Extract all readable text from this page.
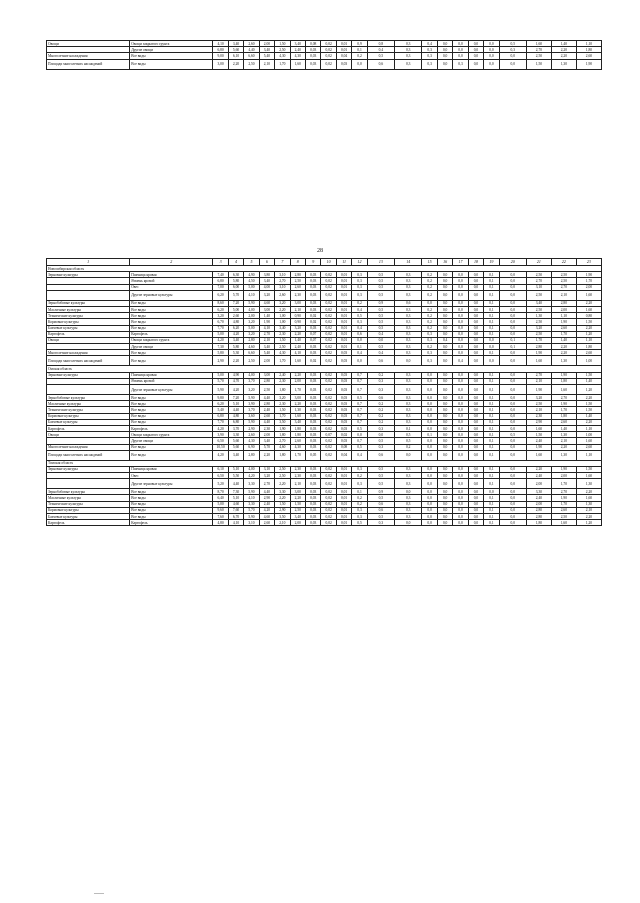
Овощи	Овощи закрытого грунта	4,10	3,40	2,60	2,00	1,50	3,40	0,08	0,02	0,01	0,9	0,8	0,3	0,4	0,0	0,0	0,0	0,0	0,5	1,60	1,40	1,10
	Другие овощи	6,80	5,60	4,40	3,40	2,50	2,40	0,03	0,02	0,01	0,1	0,4	0,3	0,3	0,0	0,0	0,0	0,0	0,3	2,70	2,20	1,80
Многолетние насаждения	Все виды	9,00	6,10	6,60	5,40	4,30	4,30	0,03	0,02	0,04	0,2	0,5	0,3	0,3	0,0	0,0	0,0	0,0	0,0	2,50	2,20	2,60
Площади многолетних насаждений	Все виды	3,00	2,20	2,50	2,10	1,70	1,60	0,03	0,02	0,03	0,0	0,6	0,3	0,3	0,0	0,3	0,0	0,0	0,0	1,50	1,30	1,90
28
1	2	3	4	5	6	7	8	9	10	11	12	13	14	15	16	17	18	19	20	21	22	23
Новосибирская область																						
Зерновые культуры	Пшеница яровая	7,40	6,30	4,90	3,80	3,10	2,80	0,03	0,02	0,01	0,3	0,5	0,3	0,2	0,0	0,0	0,0	0,1	0,0	2,50	2,50	1,90
	Ячмень яровой	6,80	5,80	4,50	3,40	2,70	2,50	0,03	0,02	0,01	0,3	0,5	0,3	0,2	0,0	0,0	0,0	0,1	0,0	2,70	2,50	1,70
	Овес	7,00	6,00	5,00	4,00	3,10	2,60	0,03	0,02	0,01	0,3	0,5	0,3	0,2	0,0	0,0	0,0	0,1	0,0	3,10	2,70	2,00
	Другие зерновые культуры	6,20	5,70	4,10	3,20	2,60	2,30	0,03	0,02	0,01	0,3	0,5	0,3	0,2	0,0	0,0	0,0	0,1	0,0	2,50	2,10	1,60
Зернобобовые культуры	Все виды	8,60	7,20	5,90	4,60	3,20	3,00	0,03	0,02	0,01	0,2	0,9	0,6	0,0	0,0	0,0	0,0	0,1	0,0	3,40	2,80	2,20
Масличные культуры	Все виды	6,20	5,00	4,00	3,00	2,20	2,10	0,03	0,02	0,01	0,4	0,5	0,3	0,2	0,0	0,0	0,0	0,1	0,0	2,50	2,00	1,60
Технические культуры	Все виды	3,20	2,60	2,00	1,40	1,00	0,90	0,02	0,02	0,01	0,5	0,5	0,3	0,2	0,0	0,0	0,0	0,1	0,0	1,30	1,10	0,80
Кормовые культуры	Все виды	6,70	4,80	3,20	1,90	1,00	0,90	0,02	0,02	0,01	0,3	0,5	0,3	0,2	0,0	0,0	0,0	0,1	0,0	2,50	1,90	1,50
Бахчевые культуры	Все виды	7,70	6,20	5,00	4,10	3,40	3,20	0,03	0,02	0,01	0,4	0,5	0,3	0,2	0,0	0,0	0,0	0,1	0,0	3,20	2,60	2,20
Картофель	Картофель	5,00	4,20	3,20	2,70	2,30	2,20	0,07	0,02	0,01	0,6	0,4	0,3	0,3	0,0	0,0	0,0	0,1	0,0	2,50	1,70	1,20
Овощи	Овощи закрытого грунта	4,20	3,40	2,80	2,10	1,50	1,40	0,07	0,02	0,01	0,0	0,0	0,3	0,3	0,4	0,0	0,0	0,0	0,1	1,70	1,40	1,10
	Другие овощи	7,30	5,80	4,60	3,40	2,50	2,40	0,03	0,02	0,01	0,1	0,5	0,3	0,2	0,0	0,0	0,0	0,0	0,1	2,80	2,20	1,80
Многолетние насаждения	Все виды	5,80	5,30	6,60	5,40	4,30	4,10	0,03	0,02	0,03	0,4	0,4	0,3	0,3	0,0	0,0	0,0	0,1	0,0	1,90	2,20	2,60
Площади многолетних насаждений	Все виды	2,90	2,20	2,50	2,00	1,70	1,60	0,02	0,02	0,03	0,0	0,6	0,0	0,3	0,0	0,4	0,0	0,0	0,0	1,60	1,30	1,00
Омская область																						
Зерновые культуры	Пшеница яровая	5,00	4,90	4,00	3,00	2,40	2,20	0,03	0,02	0,03	0,7	0,2	0,3	0,0	0,0	0,0	0,0	0,1	0,0	2,70	1,90	1,50
	Ячмень яровой	5,70	4,70	3,70	2,80	2,30	2,00	0,03	0,02	0,03	0,7	0,3	0,3	0,0	0,0	0,0	0,0	0,1	0,0	2,10	1,80	1,40
	Другие зерновые культуры	5,90	4,20	3,20	2,50	1,80	1,70	0,03	0,02	0,03	0,7	0,3	0,3	0,0	0,0	0,0	0,0	0,1	0,0	1,90	1,60	1,20
Зернобобовые культуры	Все виды	9,80	7,20	5,90	4,40	3,20	3,00	0,03	0,02	0,03	0,5	0,6	0,3	0,0	0,0	0,0	0,0	0,1	0,0	3,20	2,70	2,20
Масличные культуры	Все виды	6,20	5,10	3,90	2,80	2,30	2,20	0,03	0,02	0,03	0,7	0,2	0,3	0,0	0,0	0,0	0,0	0,1	0,0	2,50	1,90	1,50
Технические культуры	Все виды	5,40	4,40	3,70	2,40	1,50	1,30	0,03	0,02	0,03	0,7	0,2	0,3	0,0	0,0	0,0	0,0	0,1	0,0	2,10	1,70	1,50
Кормовые культуры	Все виды	6,80	4,80	3,60	2,60	1,70	1,60	0,03	0,02	0,03	0,7	0,2	0,3	0,0	0,0	0,0	0,0	0,1	0,0	2,30	1,80	1,40
Бахчевые культуры	Все виды	7,70	6,80	5,90	4,40	3,50	3,40	0,03	0,02	0,03	0,7	0,2	0,3	0,0	0,0	0,0	0,0	0,1	0,0	2,90	2,60	2,20
Картофель	Картофель	4,20	3,70	2,90	2,30	1,90	1,80	0,03	0,02	0,03	0,5	0,3	0,1	0,0	0,0	0,0	0,0	0,1	0,0	1,60	1,40	1,10
Овощи	Овощи закрытого грунта	3,90	3,30	2,60	2,00	1,80	1,80	0,03	0,07	0,02	0,0	0,0	0,5	0,1	0,0	0,0	0,0	0,1	0,5	1,50	1,30	1,00
	Другие овощи	6,50	5,60	4,30	3,40	2,70	2,60	0,03	0,02	0,03	0,7	0,5	0,5	0,0	0,0	0,0	0,0	0,1	0,0	2,40	2,10	1,60
Многолетние насаждения	Все виды	10,50	5,60	6,90	5,70	4,60	4,30	0,03	0,02	0,08	0,5	0,3	0,2	0,0	0,0	0,0	0,0	0,1	0,0	1,90	2,20	2,60
Площади многолетних насаждений	Все виды	4,20	3,40	2,80	2,20	1,80	1,70	0,05	0,02	0,04	0,4	0,6	0,0	0,0	0,0	0,0	0,0	0,1	0,0	1,60	1,30	1,10
Томская область																						
Зерновые культуры	Пшеница яровая	6,10	5,10	4,00	3,10	2,50	2,30	0,03	0,02	0,01	0,3	0,5	0,3	0,0	0,0	0,0	0,0	0,1	0,0	2,20	1,90	1,50
	Овес	6,50	5,50	4,20	3,20	2,50	2,30	0,03	0,02	0,01	0,2	0,5	0,3	0,0	0,0	0,0	0,0	0,1	0,0	2,40	2,00	1,60
	Другие зерновые культуры	5,20	4,40	3,30	2,70	2,20	2,10	0,03	0,02	0,01	0,3	0,5	0,3	0,0	0,0	0,0	0,0	0,1	0,0	2,00	1,70	1,30
Зернобобовые культуры	Все виды	8,70	7,30	5,90	4,40	3,30	3,00	0,03	0,02	0,01	0,1	0,9	0,0	0,0	0,0	0,0	0,0	0,0	0,0	3,30	2,70	2,20
Масличные культуры	Все виды	6,40	5,10	4,10	2,90	2,20	2,20	0,03	0,02	0,01	0,2	0,5	0,3	0,0	0,0	0,0	0,0	0,1	0,0	2,40	1,90	1,60
Технические культуры	Все виды	5,00	4,60	3,30	2,40	1,50	1,50	0,03	0,02	0,01	0,2	0,6	0,3	0,0	0,0	0,0	0,0	0,1	0,0	2,00	1,70	1,30
Кормовые культуры	Все виды	9,60	7,60	5,70	4,20	2,90	2,50	0,03	0,02	0,01	0,3	0,6	0,3	0,0	0,0	0,0	0,0	0,1	0,0	2,80	2,60	2,10
Бахчевые культуры	Все виды	7,60	6,70	5,90	4,60	3,50	3,40	0,03	0,02	0,01	0,3	0,5	0,3	0,0	0,0	0,0	0,0	0,1	0,0	2,80	2,50	2,20
Картофель	Картофель	4,80	4,10	3,10	2,60	2,10	2,00	0,03	0,02	0,01	0,5	0,3	0,0	0,0	0,0	0,0	0,0	0,1	0,0	1,80	1,60	1,20
